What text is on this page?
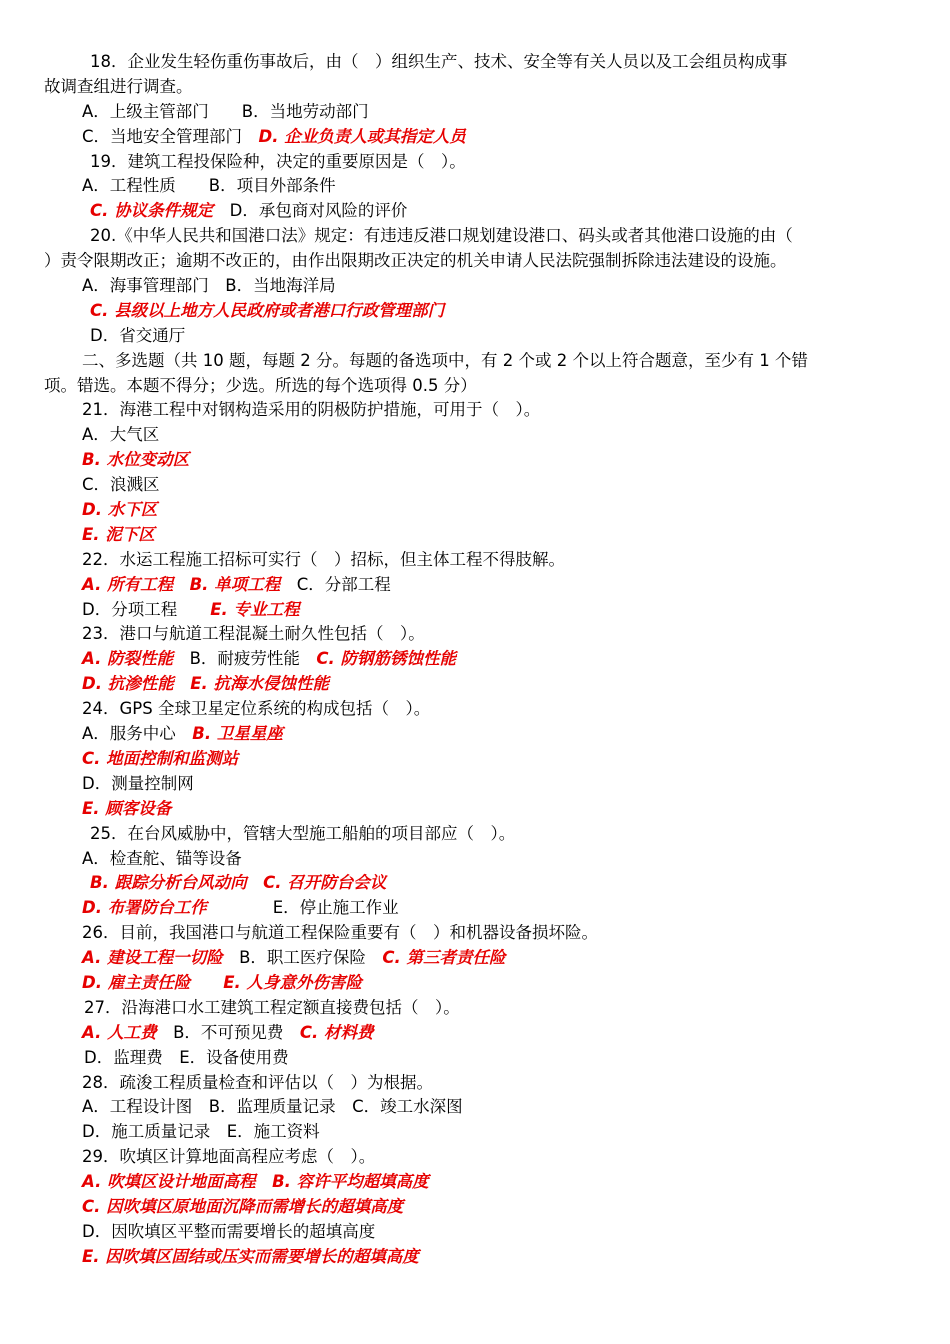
18．企业发生轻伤重伤事故后，由（　）组织生产、技术、安全等有关人员以及工会组员构成事
故调查组进行调查。
A．上级主管部门　　B．当地劳动部门
C．当地安全管理部门　D. 企业负责人或其指定人员
19．建筑工程投保险种，决定的重要原因是（　）。
A．工程性质　　B．项目外部条件
C. 协议条件规定　D．承包商对风险的评价
20.《中华人民共和国港口法》规定：有违违反港口规划建设港口、码头或者其他港口设施的由（
）责令限期改正；逾期不改正的，由作出限期改正决定的机关申请人民法院强制拆除违法建设的设施。
A．海事管理部门　B．当地海洋局
C. 县级以上地方人民政府或者港口行政管理部门
D．省交通厅
二、多选题（共 10 题，每题 2 分。每题的备选项中，有 2 个或 2 个以上符合题意，至少有 1 个错
项。错选。本题不得分；少选。所选的每个选项得 0.5 分）
21．海港工程中对钢构造采用的阴极防护措施，可用于（　）。
A．大气区
B. 水位变动区
C．浪溅区
D. 水下区
E. 泥下区
22．水运工程施工招标可实行（　）招标，但主体工程不得肢解。
A. 所有工程　B. 单项工程　C．分部工程
D．分项工程　　E. 专业工程
23．港口与航道工程混凝土耐久性包括（　）。
A. 防裂性能　B．耐疲劳性能　C. 防钢筋锈蚀性能
D. 抗渗性能　E. 抗海水侵蚀性能
24．GPS 全球卫星定位系统的构成包括（　）。
A．服务中心　B. 卫星星座
C. 地面控制和监测站
D．测量控制网
E. 顾客设备
25．在台风威胁中，管辖大型施工船舶的项目部应（　）。
A．检查舵、锚等设备
B. 跟踪分析台风动向　C. 召开防台会议
D. 布署防台工作　　　　E．停止施工作业
26．目前，我国港口与航道工程保险重要有（　）和机器设备损坏险。
A. 建设工程一切险　B．职工医疗保险　C. 第三者责任险
D. 雇主责任险　　E. 人身意外伤害险
27．沿海港口水工建筑工程定额直接费包括（　）。
A. 人工费　B．不可预见费　C. 材料费
D．监理费　E．设备使用费
28．疏浚工程质量检查和评估以（　）为根据。
A．工程设计图　B．监理质量记录　C．竣工水深图
D．施工质量记录　E．施工资料
29．吹填区计算地面高程应考虑（　）。
A. 吹填区设计地面高程　B. 容许平均超填高度
C. 因吹填区原地面沉降而需增长的超填高度
D．因吹填区平整而需要增长的超填高度
E. 因吹填区固结或压实而需要增长的超填高度
